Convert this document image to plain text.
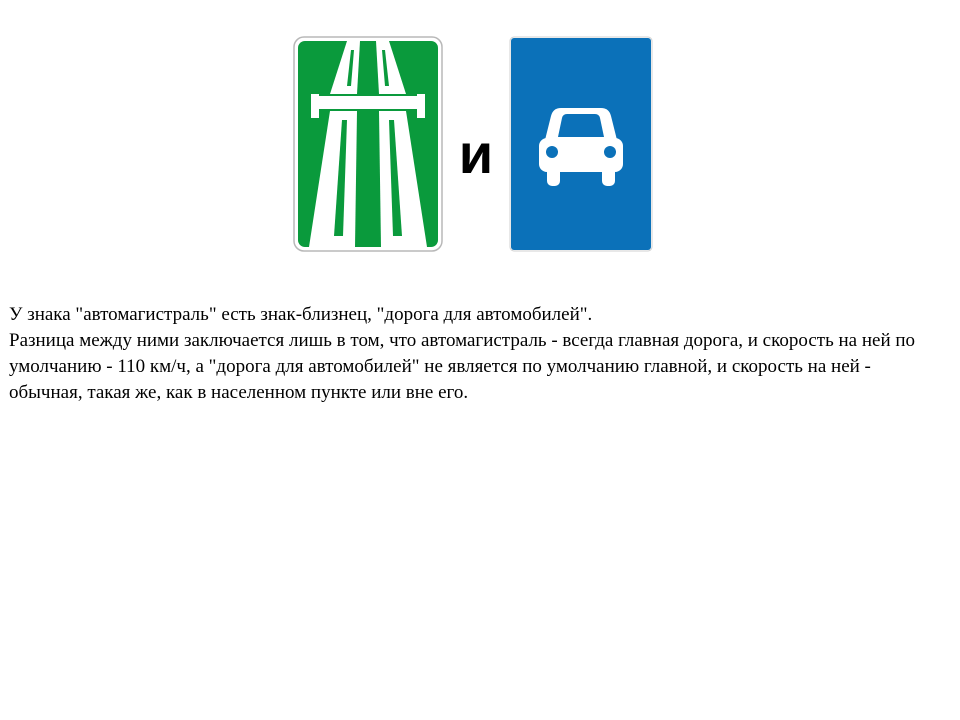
и

У знака "автомагистраль" есть знак-близнец, "дорога для автомобилей".

Разница между ними заключается лишь в том, что автомагистраль - всегда главная дорога, и скорость на ней по умолчанию - 110 км/ч, а "дорога для автомобилей" не является по умолчанию главной, и скорость на ней - обычная, такая же, как в населенном пункте или вне его.
